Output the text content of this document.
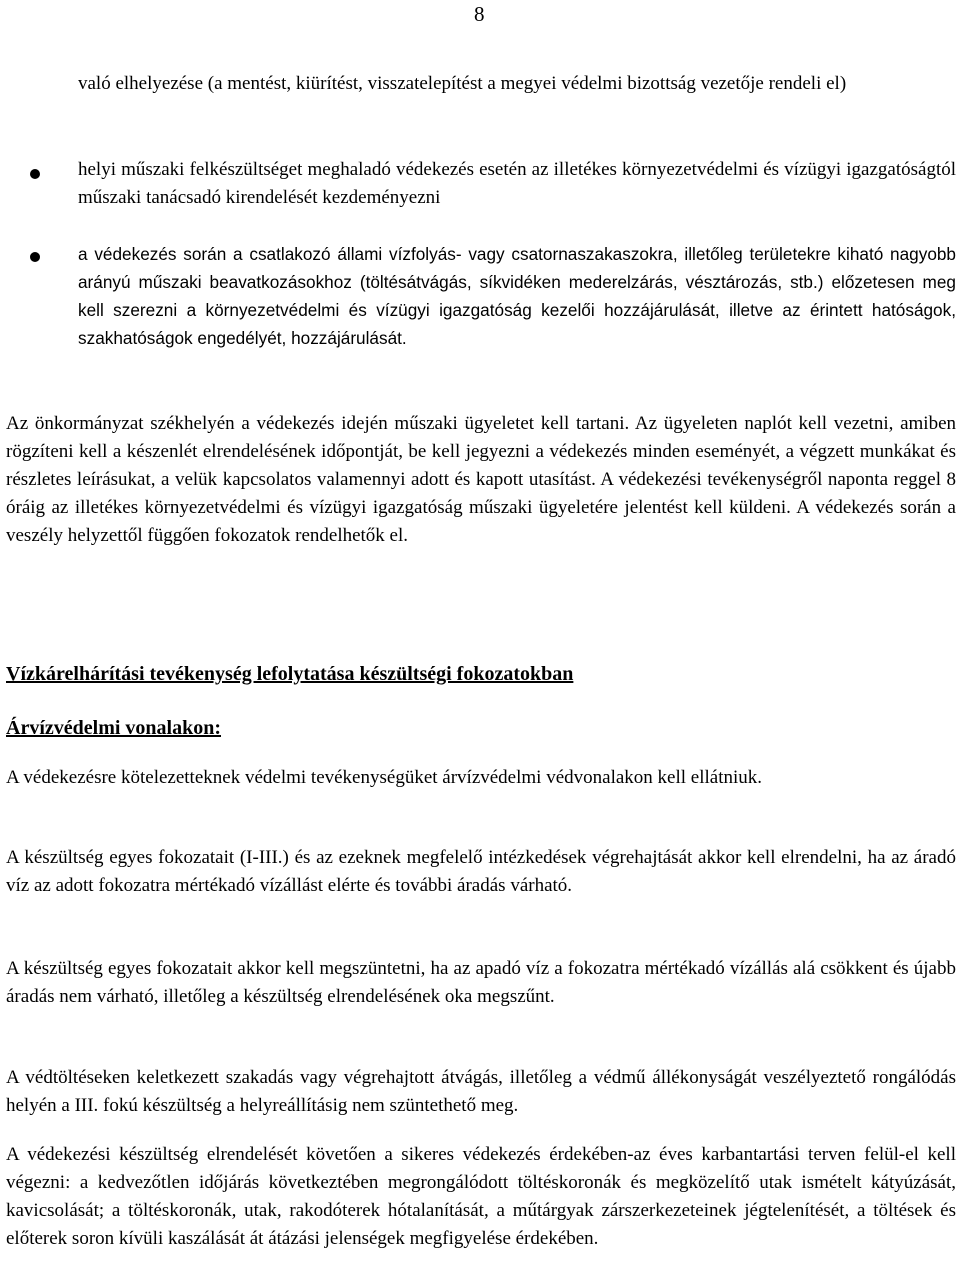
8

való elhelyezése (a mentést, kiürítést, visszatelepítést a megyei védelmi bizottság vezetője rendeli el)

helyi műszaki felkészültséget meghaladó védekezés esetén az illetékes környezetvédelmi és vízügyi igazgatóságtól műszaki tanácsadó kirendelését kezdeményezni

a védekezés során a csatlakozó állami vízfolyás- vagy csatornaszakaszokra, illetőleg területekre kiható nagyobb arányú műszaki beavatkozásokhoz (töltésátvágás, síkvidéken mederelzárás, vésztározás, stb.) előzetesen meg kell szerezni a környezetvédelmi és vízügyi igazgatóság kezelői hozzájárulását, illetve az érintett hatóságok, szakhatóságok engedélyét, hozzájárulását.

Az önkormányzat székhelyén a védekezés idején műszaki ügyeletet kell tartani. Az ügyeleten naplót kell vezetni, amiben rögzíteni kell a készenlét elrendelésének időpontját, be kell jegyezni a védekezés minden eseményét, a végzett munkákat és részletes leírásukat, a velük kapcsolatos valamennyi adott és kapott utasítást. A védekezési tevékenységről naponta reggel 8 óráig az illetékes környezetvédelmi és vízügyi igazgatóság műszaki ügyeletére jelentést kell küldeni. A védekezés során a veszély helyzettől függően fokozatok rendelhetők el.

Vízkárelhárítási tevékenység lefolytatása készültségi fokozatokban
Árvízvédelmi vonalakon:

A védekezésre kötelezetteknek védelmi tevékenységüket árvízvédelmi védvonalakon kell ellátniuk.

A készültség egyes fokozatait (I-III.) és az ezeknek megfelelő intézkedések végrehajtását akkor kell elrendelni, ha az áradó víz az adott fokozatra mértékadó vízállást elérte és további áradás várható.

A készültség egyes fokozatait akkor kell megszüntetni, ha az apadó víz a fokozatra mértékadó vízállás alá csökkent és újabb áradás nem várható, illetőleg a készültség elrendelésének oka megszűnt.

A védtöltéseken keletkezett szakadás vagy végrehajtott átvágás, illetőleg a védmű állékonyságát veszélyeztető rongálódás helyén a III. fokú készültség a helyreállításig nem szüntethető meg.

A védekezési készültség elrendelését követően a sikeres védekezés érdekében-az éves karbantartási terven felül-el kell végezni: a kedvezőtlen időjárás következtében megrongálódott töltéskoronák és megközelítő utak ismételt kátyúzását, kavicsolását; a töltéskoronák, utak, rakodóterek hótalanítását, a műtárgyak zárszerkezeteinek jégtelenítését, a töltések és előterek soron kívüli kaszálását át átázási jelenségek megfigyelése érdekében.
